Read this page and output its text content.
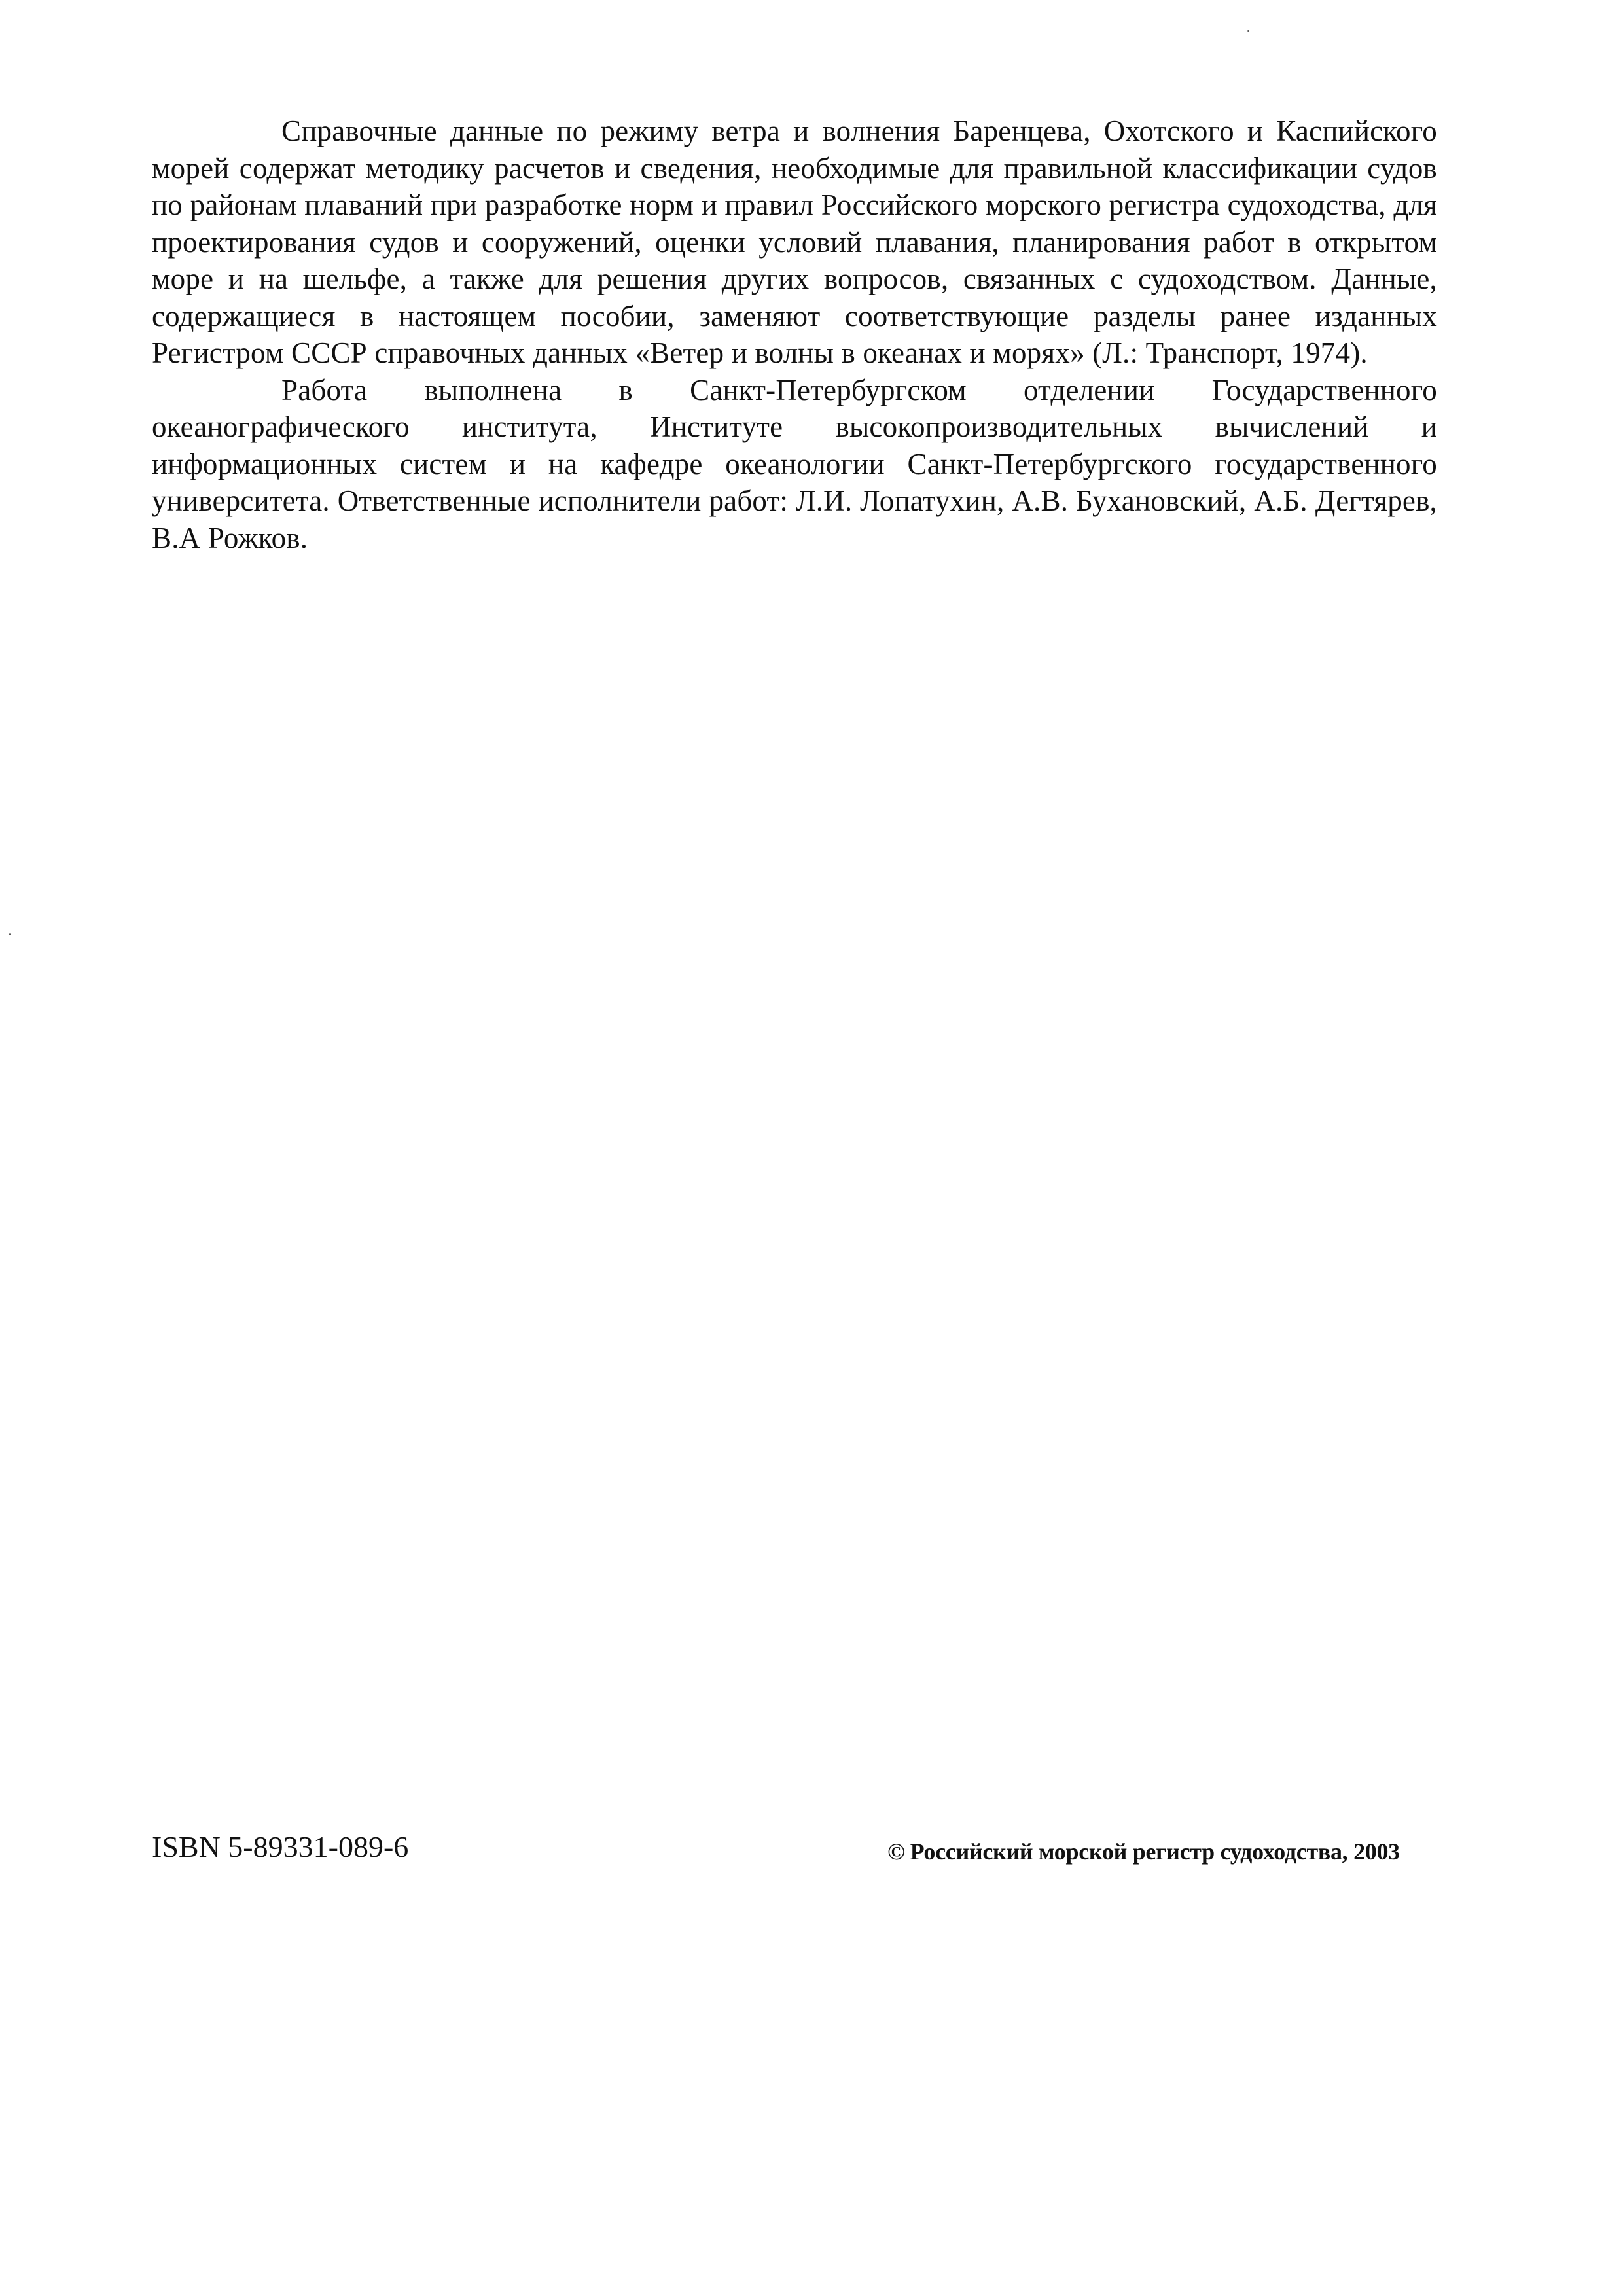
Справочные данные по режиму ветра и волнения Баренцева, Охотского и Каспийского морей содержат методику расчетов и сведения, необходимые для правильной классификации судов по районам плаваний при разработке норм и правил Российского морского регистра судоходства, для проектирования судов и сооружений, оценки условий плавания, планирования работ в открытом море и на шельфе, а также для решения других вопросов, связанных с судоходством. Данные, содержащиеся в настоящем пособии, заменяют соответствующие разделы ранее изданных Регистром СССР справочных данных «Ветер и волны в океанах и морях» (Л.: Транспорт, 1974).

Работа выполнена в Санкт-Петербургском отделении Государственного океанографического института, Институте высокопроизводительных вычислений и информационных систем и на кафедре океанологии Санкт-Петербургского государственного университета. Ответственные исполнители работ: Л.И. Лопатухин, А.В. Бухановский, А.Б. Дегтярев, В.А Рожков.

ISBN 5-89331-089-6	© Российский морской регистр судоходства, 2003
